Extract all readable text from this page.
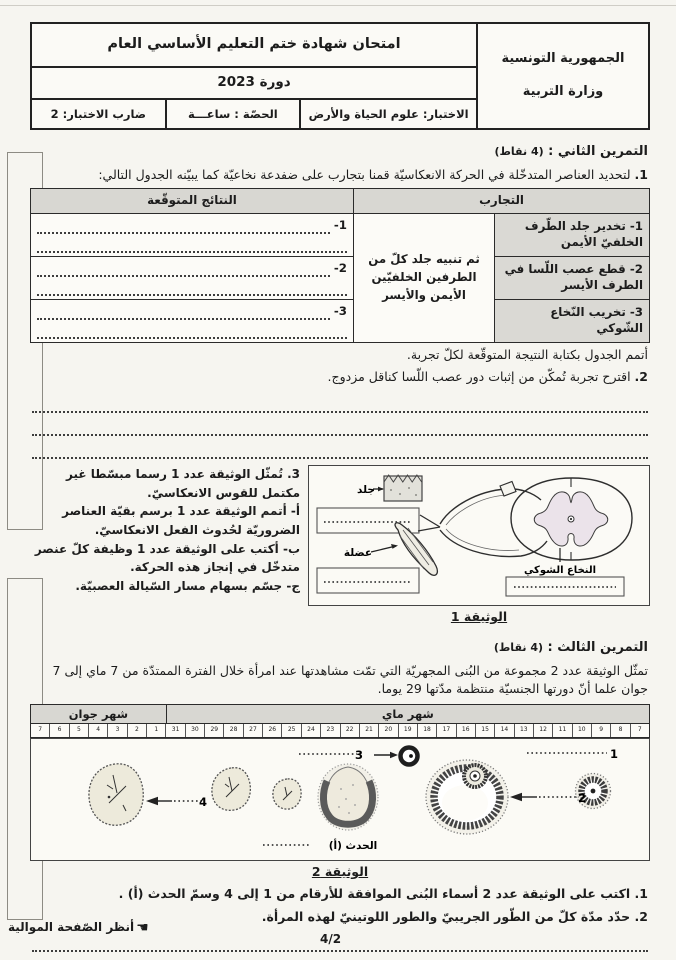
الجمهورية التونسية
وزارة التربية
امتحان شهادة ختم التعليم الأساسي العام
دورة 2023
الاختبار: علوم الحياة والأرض
الحصّة : ساعـــة
ضارب الاختبار: 2
التمرين الثاني : (4 نقاط)
1. لتحديد العناصر المتدخّلة في الحركة الانعكاسيّة قمنا بتجارب على ضفدعة نخاعيّة كما يبيّنه الجدول التالي:
التجارب		النتائج المتوقّعة
1- تخدير جلد الطّرف الخلفيّ الأيمن	ثم تنبيه جلد كلّ من الطرفين الخلفيّين الأيمن والأيسر	1-

2- قطع عصب اللّسا في الطرف الأيسر		2-

3- تخريب النّخاع الشّوكي		3-
أتمم الجدول بكتابة النتيجة المتوقّعة لكلّ تجربة.
2. اقترح تجربة تُمكّن من إثبات دور عصب اللّسا كناقل مزدوج.
جلد
عضلة
النخاع الشوكي
الوثيقة 1
3. تُمثّل الوثيقة عدد 1 رسما مبسّطا غير مكتمل للقوس الانعكاسيّ.
أ- أتمم الوثيقة عدد 1 برسم بقيّة العناصر الضروريّة لحُدوث الفعل الانعكاسيّ.
ب- أكتب على الوثيقة عدد 1 وظيفة كلّ عنصر متدخّل في إنجاز هذه الحركة.
ج- جسّم بسهام مسار السّيالة العصبيّة.
التمرين الثالث : (4 نقاط)
تمثّل الوثيقة عدد 2 مجموعة من البُنى المجهريّة التي تمّت مشاهدتها عند امرأة خلال الفترة الممتدّة من 7 ماي إلى 7 جوان علما أنّ دورتها الجنسيّة منتظمة مدّتها 29 يوما.
شهر ماي
شهر جوان
7
8
9
10
11
12
13
14
15
16
17
18
19
20
21
22
23
24
25
26
27
28
29
30
31
1
2
3
4
5
6
7
1
2
3
الحدث (أ)
4
الوثيقة 2
1. اكتب على الوثيقة عدد 2 أسماء البُنى الموافقة للأرقام من 1 إلى 4 وسمّ الحدث (أ) .
2. حدّد مدّة كلّ من الطّور الجريبيّ والطور اللوتينيّ لهذه المرأة.
☚
أنظر الصّفحة الموالية
4/2
